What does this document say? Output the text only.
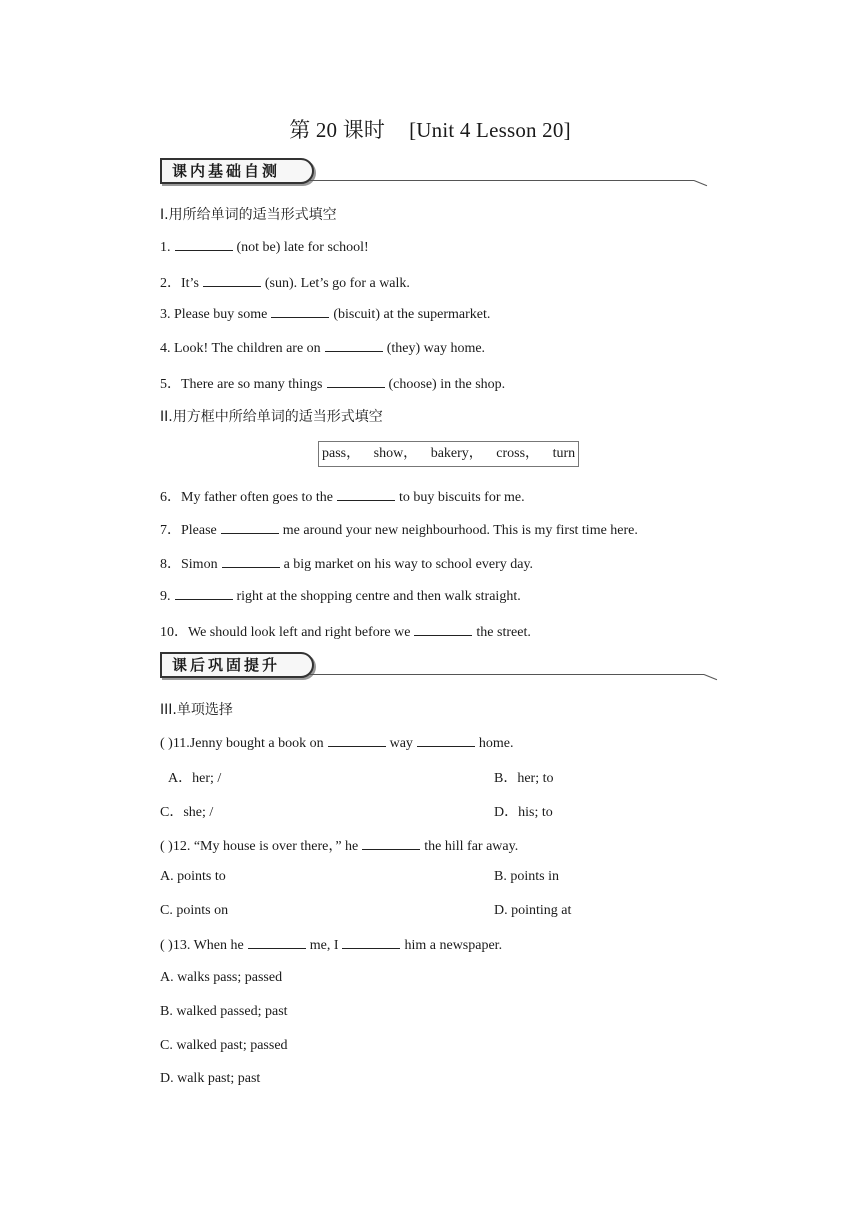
第 20 课时 [Unit 4 Lesson 20]
课内基础自测
I.用所给单词的适当形式填空
1.	(not be) late for school!
2．It’s	(sun). Let’s go for a walk.
3. Please buy some	(biscuit) at the supermarket.
4. Look! The children are on	(they) way home.
5．There are so many things	(choose) in the shop.
II.用方框中所给单词的适当形式填空
pass， show， bakery， cross， turn
6．My father often goes to the	to buy biscuits for me.
7．Please	me around your new neighbourhood. This is my first time here.
8．Simon	a big market on his way to school every day.
9.	right at the shopping centre and then walk straight.
10．We should look left and right before we	the street.
课后巩固提升
III.单项选择
( )11.Jenny bought a book on	way	home.
A．her; /	B．her; to
C．she; /	D．his; to
( )12. “My house is over there，” he	the hill far away.
A. points to	B. points in
C. points on	D. pointing at
( )13. When he	me, I	him a newspaper.
A. walks pass; passed
B. walked passed; past
C. walked past; passed
D. walk past; past
